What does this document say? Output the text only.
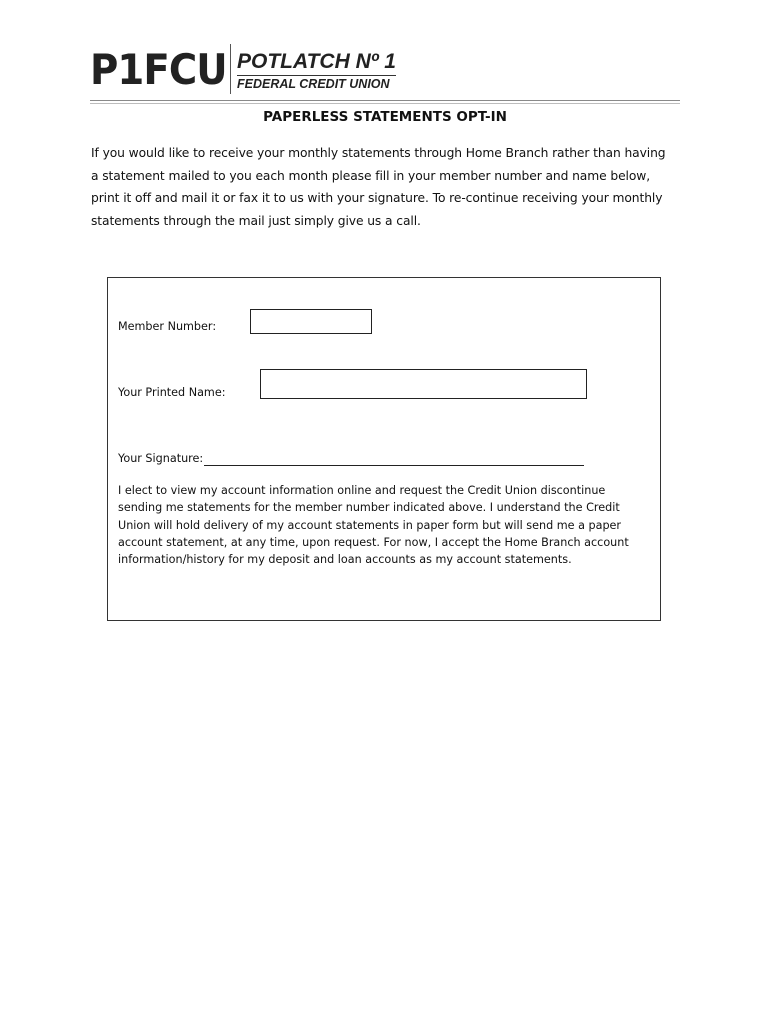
P1FCU POTLATCH Nº 1
FEDERAL CREDIT UNION
PAPERLESS STATEMENTS OPT-IN

If you would like to receive your monthly statements through Home Branch rather than having
a statement mailed to you each month please fill in your member number and name below,
print it off and mail it or fax it to us with your signature. To re-continue receiving your monthly
statements through the mail just simply give us a call.

Member Number:
Your Printed Name:
Your Signature:
I elect to view my account information online and request the Credit Union discontinue
sending me statements for the member number indicated above. I understand the Credit
Union will hold delivery of my account statements in paper form but will send me a paper
account statement, at any time, upon request. For now, I accept the Home Branch account
information/history for my deposit and loan accounts as my account statements.
